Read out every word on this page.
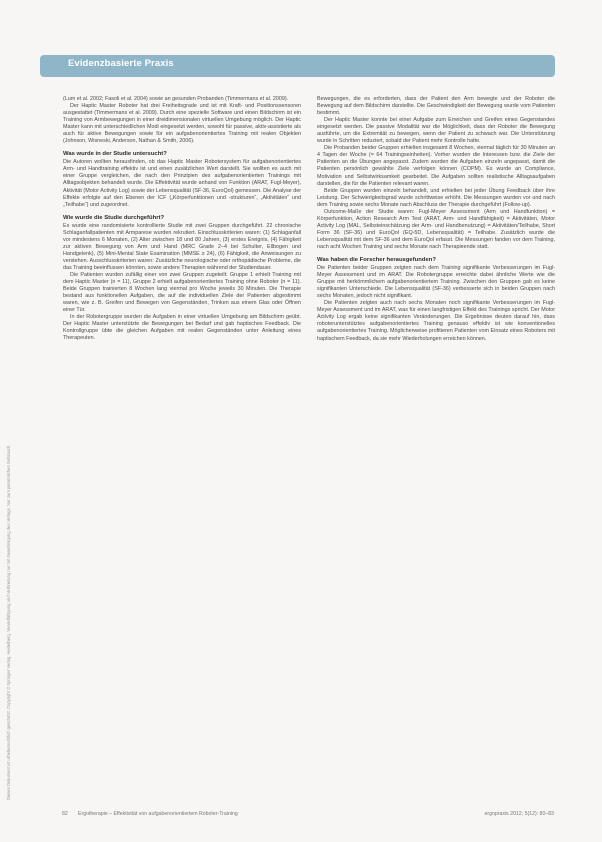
Evidenzbasierte Praxis
Dieses Dokument ist urheberrechtlich geschützt. Copyright © Springer Verlag. Heidelberg. Vervielfältigung und Verbreitung nur mit Genehmigung des Verlags. Nur zum persönlichen Gebrauch.

(Lum et al. 2002; Fasoli et al. 2004) sowie an gesunden Probanden (Timmermans et al. 2009).

Der Haptic Master Roboter hat drei Freiheitsgrade und ist mit Kraft- und Positionssensoren ausgestattet (Timmermans et al. 2009). Durch eine spezielle Software und einen Bildschirm ist ein Training von Armbewegungen in einer dreidimensionalen virtuellen Umgebung möglich. Der Haptic Master kann mit unterschiedlichen Modi eingesetzt werden, sowohl für passive, aktiv-assistierte als auch für aktive Bewegungen sowie für ein aufgabenorientiertes Training mit realen Objekten (Johnson, Wisneski, Anderson, Nathan & Smith, 2006).

Was wurde in der Studie untersucht?

Die Autoren wollten herausfinden, ob das Haptic Master Robotersystem für aufgabenorientiertes Arm- und Handtraining effektiv ist und einen zusätzlichen Wert darstellt. Sie wollten es auch mit einer Gruppe vergleichen, die nach den Prinzipien des aufgabenorientierten Trainings mit Alltagsobjekten behandelt wurde. Die Effektivität wurde anhand von Funktion (ARAT, Fugl-Meyer), Aktivität (Motor Activity Log) sowie der Lebensqualität (SF-36, EuroQol) gemessen. Die Analyse der Effekte erfolgte auf den Ebenen der ICF („Körperfunktionen und -strukturen“, „Aktivitäten“ und „Teilhabe“) und zugeordnet.

Wie wurde die Studie durchgeführt?

Es wurde eine randomisierte kontrollierte Studie mit zwei Gruppen durchgeführt. 22 chronische Schlaganfallpatienten mit Armparese wurden rekrutiert. Einschlusskriterien waren: (1) Schlaganfall vor mindestens 6 Monaten, (2) Alter zwischen 18 und 80 Jahren, (3) erstes Ereignis, (4) Fähigkeit zur aktiven Bewegung von Arm und Hand (MRC Grade 2–4 bei Schulter, Ellbogen und Handgelenk), (5) Mini-Mental State Examination (MMSE ≥ 24), (6) Fähigkeit, die Anweisungen zu verstehen. Ausschlusskriterien waren: Zusätzliche neurologische oder orthopädische Probleme, die das Training beeinflussen könnten, sowie andere Therapien während der Studiendauer.

Die Patienten wurden zufällig einer von zwei Gruppen zugeteilt: Gruppe 1 erhielt Training mit dem Haptic Master (n = 11), Gruppe 2 erhielt aufgabenorientiertes Training ohne Roboter (n = 11). Beide Gruppen trainierten 8 Wochen lang viermal pro Woche jeweils 30 Minuten. Die Therapie bestand aus funktionellen Aufgaben, die auf die individuellen Ziele der Patienten abgestimmt waren, wie z. B. Greifen und Bewegen von Gegenständen, Trinken aus einem Glas oder Öffnen einer Tür.

In der Robotergruppe wurden die Aufgaben in einer virtuellen Umgebung am Bildschirm geübt. Der Haptic Master unterstützte die Bewegungen bei Bedarf und gab haptisches Feedback. Die Kontrollgruppe übte die gleichen Aufgaben mit realen Gegenständen unter Anleitung eines Therapeuten.

Bewegungen, die es erforderten, dass der Patient den Arm bewegte und der Roboter die Bewegung auf dem Bildschirm darstellte. Die Geschwindigkeit der Bewegung wurde vom Patienten bestimmt.

Der Haptic Master konnte bei einer Aufgabe zum Erreichen und Greifen eines Gegenstandes eingesetzt werden. Die passive Modalität war die Möglichkeit, dass der Roboter die Bewegung ausführte, um die Extremität zu bewegen, wenn der Patient zu schwach war. Die Unterstützung wurde in Schritten reduziert, sobald der Patient mehr Kontrolle hatte.

Die Probanden beider Gruppen erhielten insgesamt 8 Wochen, viermal täglich für 30 Minuten an 4 Tagen der Woche (= 64 Trainingseinheiten). Vorher wurden die Interessen bzw. die Ziele der Patienten an die Übungen angepasst. Zudem wurden die Aufgaben einzeln angepasst, damit die Patienten persönlich gewählte Ziele verfolgen können (COPM). Es wurde an Compliance, Motivation und Selbstwirksamkeit gearbeitet. Die Aufgaben sollten realistische Alltagsaufgaben darstellen, die für die Patienten relevant waren.

Beide Gruppen wurden einzeln behandelt, und erhielten bei jeder Übung Feedback über ihre Leistung. Der Schwierigkeitsgrad wurde schrittweise erhöht. Die Messungen wurden vor und nach dem Training sowie sechs Monate nach Abschluss der Therapie durchgeführt (Follow-up).

Outcome-Maße der Studie waren: Fugl-Meyer Assessment (Arm und Handfunktion) = Körperfunktion, Action Research Arm Test (ARAT, Arm- und Handfähigkeit) = Aktivitäten, Motor Activity Log (MAL, Selbsteinschätzung der Arm- und Handbenutzung) = Aktivitäten/Teilhabe, Short Form 36 (SF-36) und EuroQol (EQ-5D, Lebensqualität) = Teilhabe. Zusätzlich wurde die Lebensqualität mit dem SF-36 und dem EuroQol erfasst. Die Messungen fanden vor dem Training, nach acht Wochen Training und sechs Monate nach Therapieende statt.

Was haben die Forscher herausgefunden?

Die Patienten beider Gruppen zeigten nach dem Training signifikante Verbesserungen im Fugl-Meyer Assessment und im ARAT. Die Robotergruppe erreichte dabei ähnliche Werte wie die Gruppe mit herkömmlichem aufgabenorientiertem Training. Zwischen den Gruppen gab es keine signifikanten Unterschiede. Die Lebensqualität (SF-36) verbesserte sich in beiden Gruppen nach sechs Monaten, jedoch nicht signifikant.

Die Patienten zeigten auch nach sechs Monaten noch signifikante Verbesserungen im Fugl-Meyer Assessment und im ARAT, was für einen langfristigen Effekt des Trainings spricht. Der Motor Activity Log ergab keine signifikanten Veränderungen. Die Ergebnisse deuten darauf hin, dass roboterunterstütztes aufgabenorientiertes Training genauso effektiv ist wie konventionelles aufgabenorientiertes Training. Möglicherweise profitieren Patienten vom Einsatz eines Roboters mit haptischem Feedback, da sie mehr Wiederholungen erreichen können.

82 Ergotherapie – Effektivität von aufgabenorientiertem Roboter-Training	ergopraxis 2012; 5(12): 80–83
